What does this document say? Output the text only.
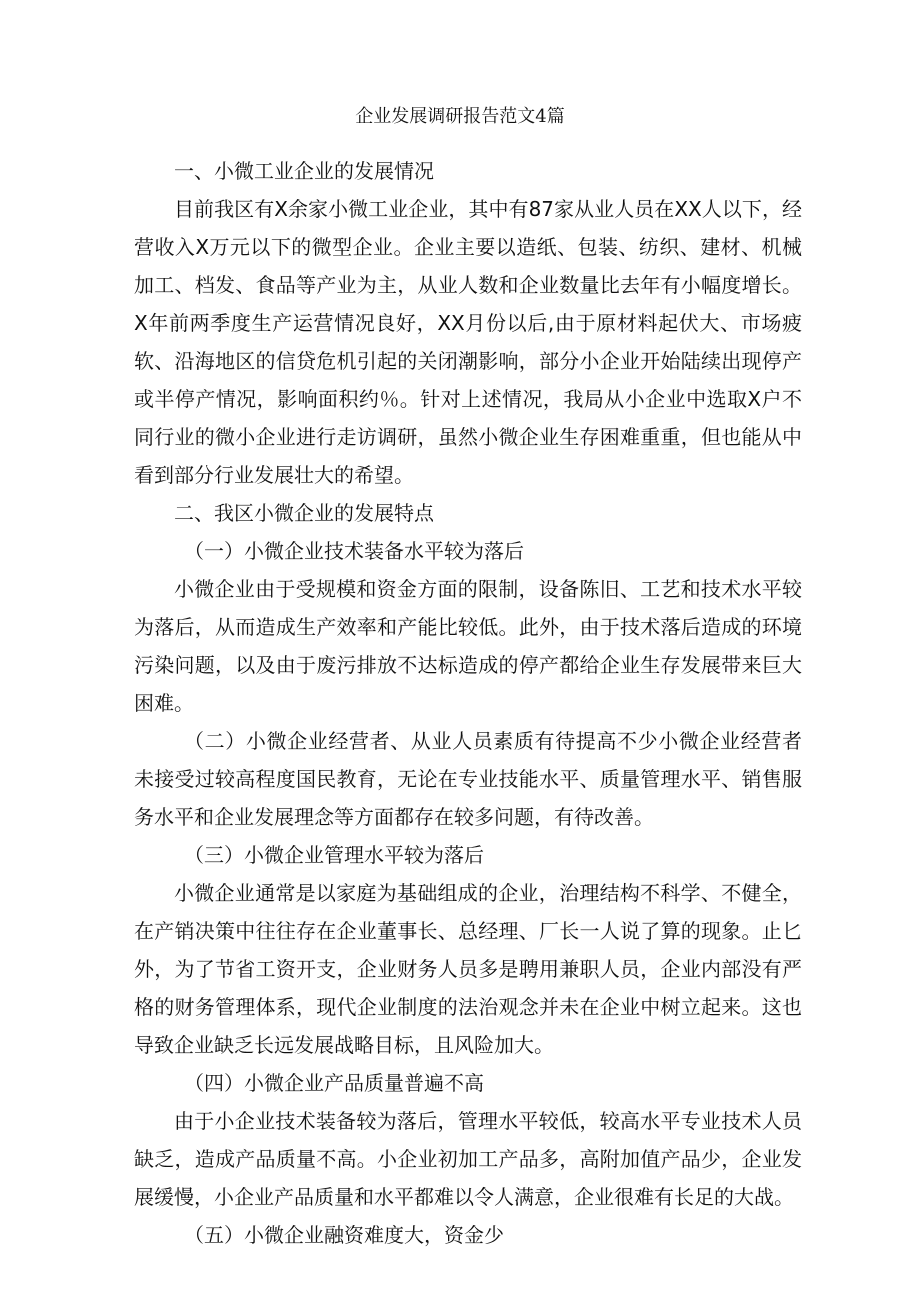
企业发展调研报告范文4篇

一、小微工业企业的发展情况

目前我区有X余家小微工业企业，其中有87家从业人员在XX人以下，经营收入X万元以下的微型企业。企业主要以造纸、包装、纺织、建材、机械加工、档发、食品等产业为主，从业人数和企业数量比去年有小幅度增长。X年前两季度生产运营情况良好，XX月份以后,由于原材料起伏大、市场疲软、沿海地区的信贷危机引起的关闭潮影响，部分小企业开始陆续出现停产或半停产情况，影响面积约％。针对上述情况，我局从小企业中选取X户不同行业的微小企业进行走访调研，虽然小微企业生存困难重重，但也能从中看到部分行业发展壮大的希望。

二、我区小微企业的发展特点

（一）小微企业技术装备水平较为落后

小微企业由于受规模和资金方面的限制，设备陈旧、工艺和技术水平较为落后，从而造成生产效率和产能比较低。此外，由于技术落后造成的环境污染问题，以及由于废污排放不达标造成的停产都给企业生存发展带来巨大困难。

（二）小微企业经营者、从业人员素质有待提高不少小微企业经营者未接受过较高程度国民教育，无论在专业技能水平、质量管理水平、销售服务水平和企业发展理念等方面都存在较多问题，有待改善。

（三）小微企业管理水平较为落后

小微企业通常是以家庭为基础组成的企业，治理结构不科学、不健全，在产销决策中往往存在企业董事长、总经理、厂长一人说了算的现象。止匕外，为了节省工资开支，企业财务人员多是聘用兼职人员，企业内部没有严格的财务管理体系，现代企业制度的法治观念并未在企业中树立起来。这也导致企业缺乏长远发展战略目标，且风险加大。

（四）小微企业产品质量普遍不高

由于小企业技术装备较为落后，管理水平较低，较高水平专业技术人员缺乏，造成产品质量不高。小企业初加工产品多，高附加值产品少，企业发展缓慢，小企业产品质量和水平都难以令人满意，企业很难有长足的大战。

（五）小微企业融资难度大，资金少
